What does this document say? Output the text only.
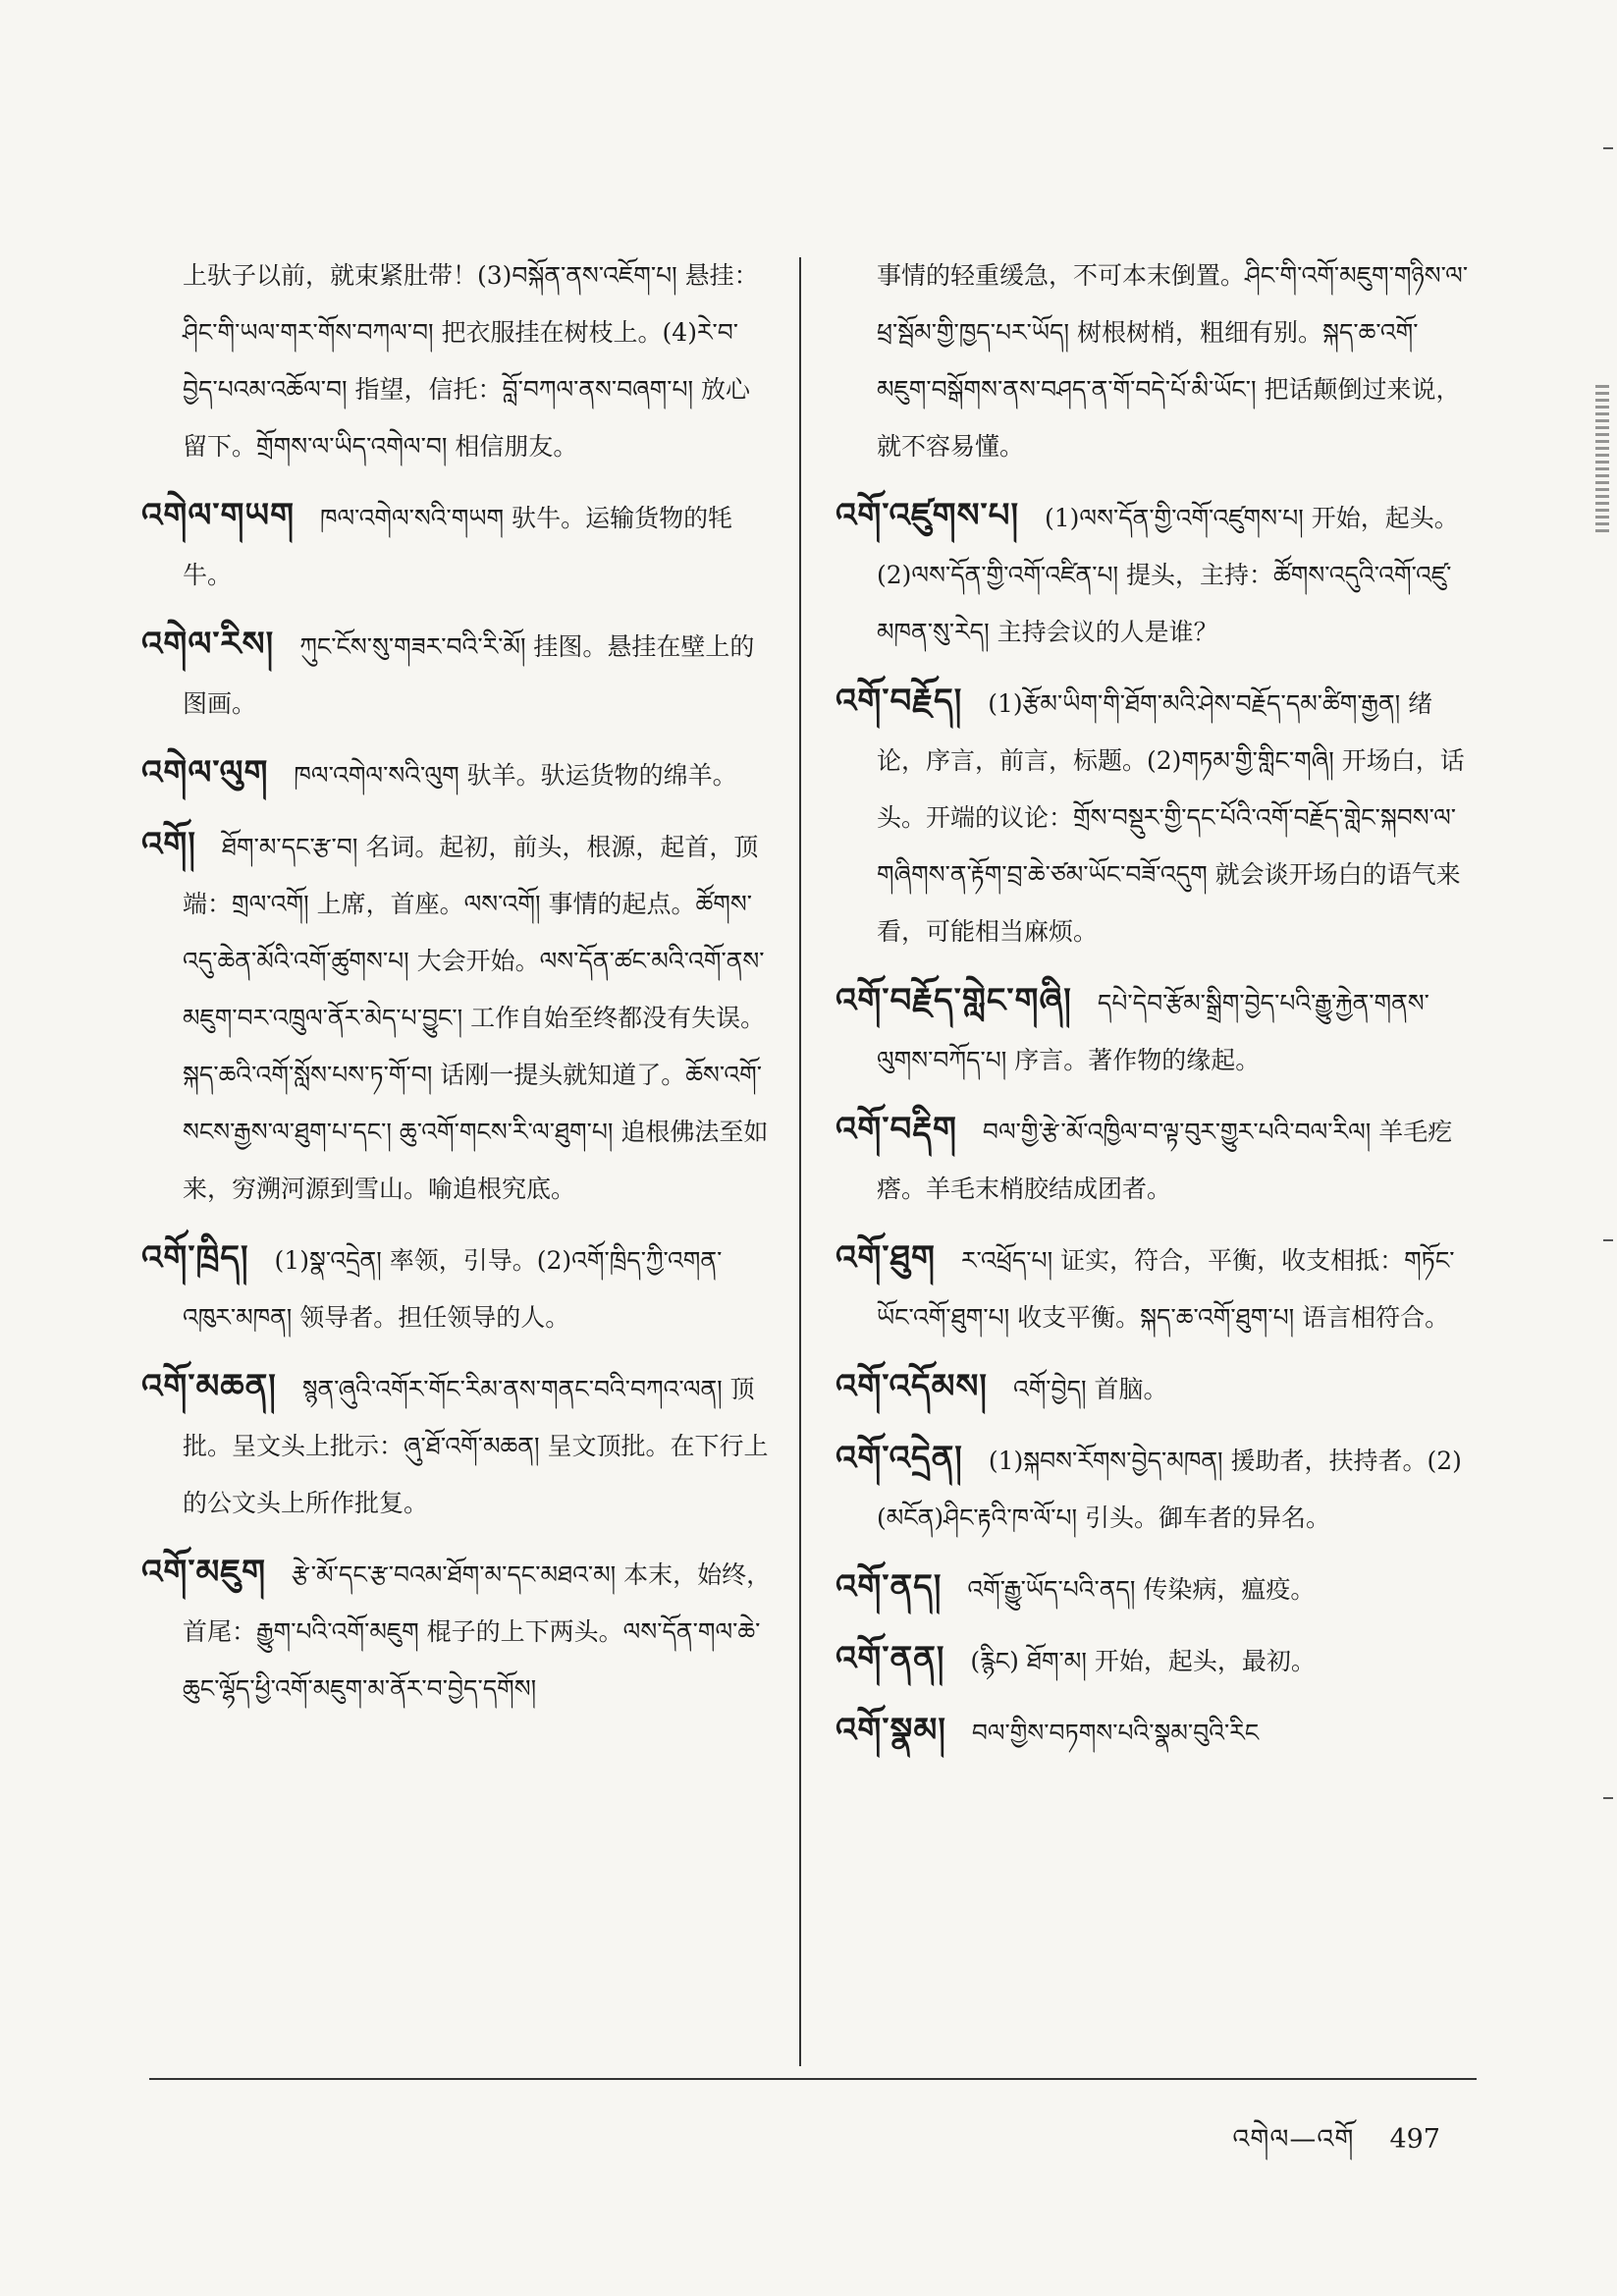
上驮子以前，就束紧肚带！(3)བསྐོན་ནས་འཇོག་པ། 悬挂：ཤིང་གི་ཡལ་གར་གོས་བཀལ་བ། 把衣服挂在树枝上。(4)རེ་བ་བྱེད་པའམ་འཆོལ་བ། 指望，信托：བློ་བཀལ་ནས་བཞག་པ། 放心留下。གྲོགས་ལ་ཡིད་འགེལ་བ། 相信朋友。

འགེལ་གཡག ཁལ་འགེལ་སའི་གཡག 驮牛。运输货物的牦牛。

འགེལ་རིས། ཀུང་ངོས་སུ་གཟར་བའི་རི་མོ། 挂图。悬挂在壁上的图画。

འགེལ་ལུག ཁལ་འགེལ་སའི་ལུག 驮羊。驮运货物的绵羊。

འགོ། ཐོག་མ་དང་རྩ་བ། 名词。起初，前头，根源，起首，顶端：གྲལ་འགོ། 上席，首座。ལས་འགོ། 事情的起点。ཚོགས་འདུ་ཆེན་མོའི་འགོ་ཚུགས་པ། 大会开始。ལས་དོན་ཚང་མའི་འགོ་ནས་མཇུག་བར་འཁྲུལ་ནོར་མེད་པ་བྱུང་། 工作自始至终都没有失误。སྐད་ཆའི་འགོ་སློས་པས་ཏ་གོ་བ། 话刚一提头就知道了。ཆོས་འགོ་སངས་རྒྱས་ལ་ཐུག་པ་དང་། ཆུ་འགོ་གངས་རི་ལ་ཐུག་པ། 追根佛法至如来，穷溯河源到雪山。喻追根究底。

འགོ་ཁྲིད། (1)སྣ་འདྲེན། 率领，引导。(2)འགོ་ཁྲིད་ཀྱི་འགན་འཁུར་མཁན། 领导者。担任领导的人。

འགོ་མཆན། སྙན་ཞུའི་འགོར་གོང་རིམ་ནས་གནང་བའི་བཀའ་ལན། 顶批。呈文头上批示：ཞུ་ཐོ་འགོ་མཆན། 呈文顶批。在下行上的公文头上所作批复。

འགོ་མཇུག རྩེ་མོ་དང་རྩ་བའམ་ཐོག་མ་དང་མཐའ་མ། 本末，始终，首尾：རྒྱུག་པའི་འགོ་མཇུག 棍子的上下两头。ལས་དོན་གལ་ཆེ་ཆུང་ལྷོད་ཕྱི་འགོ་མཇུག་མ་ནོར་བ་བྱེད་དགོས།

事情的轻重缓急，不可本末倒置。ཤིང་གི་འགོ་མཇུག་གཉིས་ལ་ཕྲ་སྦོམ་གྱི་ཁྱད་པར་ཡོད། 树根树梢，粗细有别。སྐད་ཆ་འགོ་མཇུག་བསྒོགས་ནས་བཤད་ན་གོ་བདེ་པོ་མི་ཡོང་། 把话颠倒过来说，就不容易懂。

འགོ་འཛུགས་པ། (1)ལས་དོན་གྱི་འགོ་འཛུགས་པ། 开始，起头。(2)ལས་དོན་གྱི་འགོ་འཛིན་པ། 提头，主持：ཚོགས་འདུའི་འགོ་འཛུ་མཁན་སུ་རེད། 主持会议的人是谁？

འགོ་བརྗོད། (1)རྩོམ་ཡིག་གི་ཐོག་མའི་ཤེས་བརྗོད་དམ་ཚིག་རྒྱན། 绪论，序言，前言，标题。(2)གཏམ་གྱི་གླིང་གཞི། 开场白，话头。开端的议论：གྲོས་བསྡུར་གྱི་དང་པོའི་འགོ་བརྗོད་གླེང་སྐབས་ལ་གཞིགས་ན་རྟོག་བྲ་ཆེ་ཙམ་ཡོང་བཟོ་འདུག 就会谈开场白的语气来看，可能相当麻烦。

འགོ་བརྗོད་གླེང་གཞི། དཔེ་དེབ་རྩོམ་སྒྲིག་བྱེད་པའི་རྒྱུ་རྐྱེན་གནས་ལུགས་བཀོད་པ། 序言。著作物的缘起。

འགོ་བརྡིག བལ་གྱི་རྩེ་མོ་འཁྱིལ་བ་ལྟ་བུར་གྱུར་པའི་བལ་རིལ། 羊毛疙瘩。羊毛末梢胶结成团者。

འགོ་ཐུག ར་འཕྲོད་པ། 证实，符合，平衡，收支相抵：གཏོང་ཡོང་འགོ་ཐུག་པ། 收支平衡。སྐད་ཆ་འགོ་ཐུག་པ། 语言相符合。

འགོ་འདོམས། འགོ་བྱེད། 首脑。

འགོ་འདྲེན། (1)སྐབས་རོགས་བྱེད་མཁན། 援助者，扶持者。(2)(མངོན)ཤིང་རྟའི་ཁ་ལོ་པ། 引头。御车者的异名。

འགོ་ནད། འགོ་རྒྱུ་ཡོད་པའི་ནད། 传染病，瘟疫。

འགོ་ནན། (རྙིང) ཐོག་མ། 开始，起头，最初。

འགོ་སྣམ། བལ་གྱིས་བཏགས་པའི་སྣམ་བུའི་རིང

འགེལ—འགོ 497
